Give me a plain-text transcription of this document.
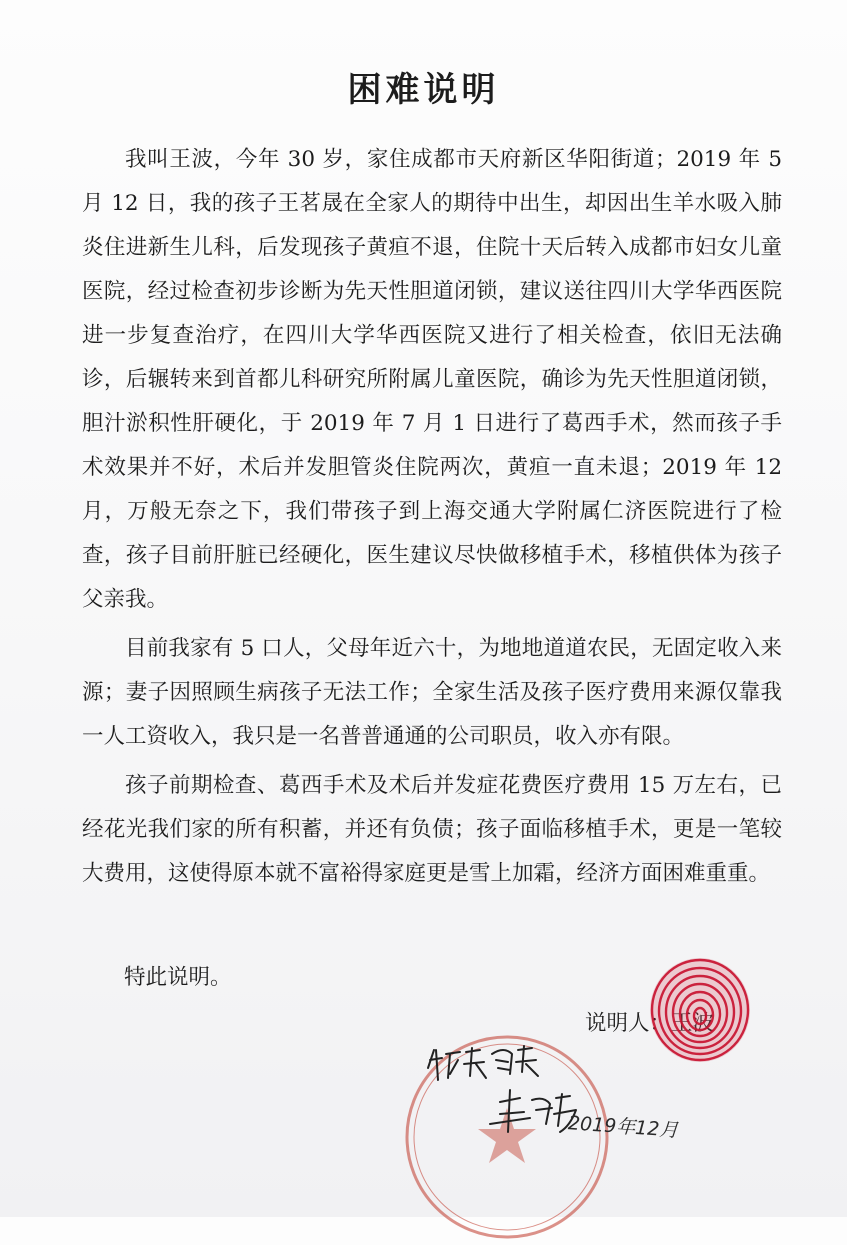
困难说明

我叫王波，今年 30 岁，家住成都市天府新区华阳街道；2019 年 5 月 12 日，我的孩子王茗晟在全家人的期待中出生，却因出生羊水吸入肺炎住进新生儿科，后发现孩子黄疸不退，住院十天后转入成都市妇女儿童医院，经过检查初步诊断为先天性胆道闭锁，建议送往四川大学华西医院进一步复查治疗，在四川大学华西医院又进行了相关检查，依旧无法确诊，后辗转来到首都儿科研究所附属儿童医院，确诊为先天性胆道闭锁，胆汁淤积性肝硬化，于 2019 年 7 月 1 日进行了葛西手术，然而孩子手术效果并不好，术后并发胆管炎住院两次，黄疸一直未退；2019 年 12 月，万般无奈之下，我们带孩子到上海交通大学附属仁济医院进行了检查，孩子目前肝脏已经硬化，医生建议尽快做移植手术，移植供体为孩子父亲我。

目前我家有 5 口人，父母年近六十，为地地道道农民，无固定收入来源；妻子因照顾生病孩子无法工作；全家生活及孩子医疗费用来源仅靠我一人工资收入，我只是一名普普通通的公司职员，收入亦有限。

孩子前期检查、葛西手术及术后并发症花费医疗费用 15 万左右，已经花光我们家的所有积蓄，并还有负债；孩子面临移植手术，更是一笔较大费用，这使得原本就不富裕得家庭更是雪上加霜，经济方面困难重重。

特此说明。
2019年12月
说明人：王波
